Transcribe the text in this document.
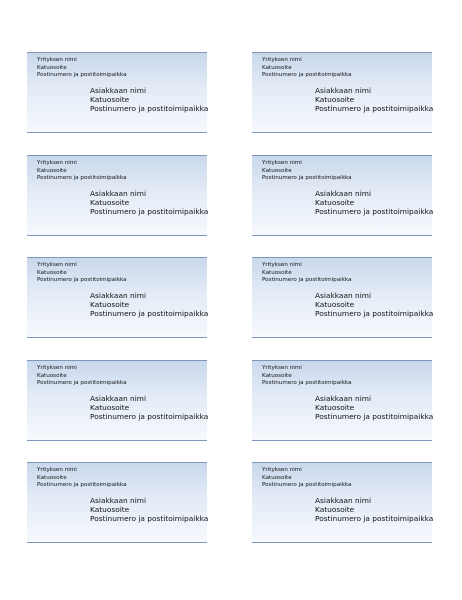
Yrityksen nimi
Katuosoite
Postinumero ja postitoimipaikka
Asiakkaan nimi
Katuosoite
Postinumero ja postitoimipaikka
Yrityksen nimi
Katuosoite
Postinumero ja postitoimipaikka
Asiakkaan nimi
Katuosoite
Postinumero ja postitoimipaikka
Yrityksen nimi
Katuosoite
Postinumero ja postitoimipaikka
Asiakkaan nimi
Katuosoite
Postinumero ja postitoimipaikka
Yrityksen nimi
Katuosoite
Postinumero ja postitoimipaikka
Asiakkaan nimi
Katuosoite
Postinumero ja postitoimipaikka
Yrityksen nimi
Katuosoite
Postinumero ja postitoimipaikka
Asiakkaan nimi
Katuosoite
Postinumero ja postitoimipaikka
Yrityksen nimi
Katuosoite
Postinumero ja postitoimipaikka
Asiakkaan nimi
Katuosoite
Postinumero ja postitoimipaikka
Yrityksen nimi
Katuosoite
Postinumero ja postitoimipaikka
Asiakkaan nimi
Katuosoite
Postinumero ja postitoimipaikka
Yrityksen nimi
Katuosoite
Postinumero ja postitoimipaikka
Asiakkaan nimi
Katuosoite
Postinumero ja postitoimipaikka
Yrityksen nimi
Katuosoite
Postinumero ja postitoimipaikka
Asiakkaan nimi
Katuosoite
Postinumero ja postitoimipaikka
Yrityksen nimi
Katuosoite
Postinumero ja postitoimipaikka
Asiakkaan nimi
Katuosoite
Postinumero ja postitoimipaikka
